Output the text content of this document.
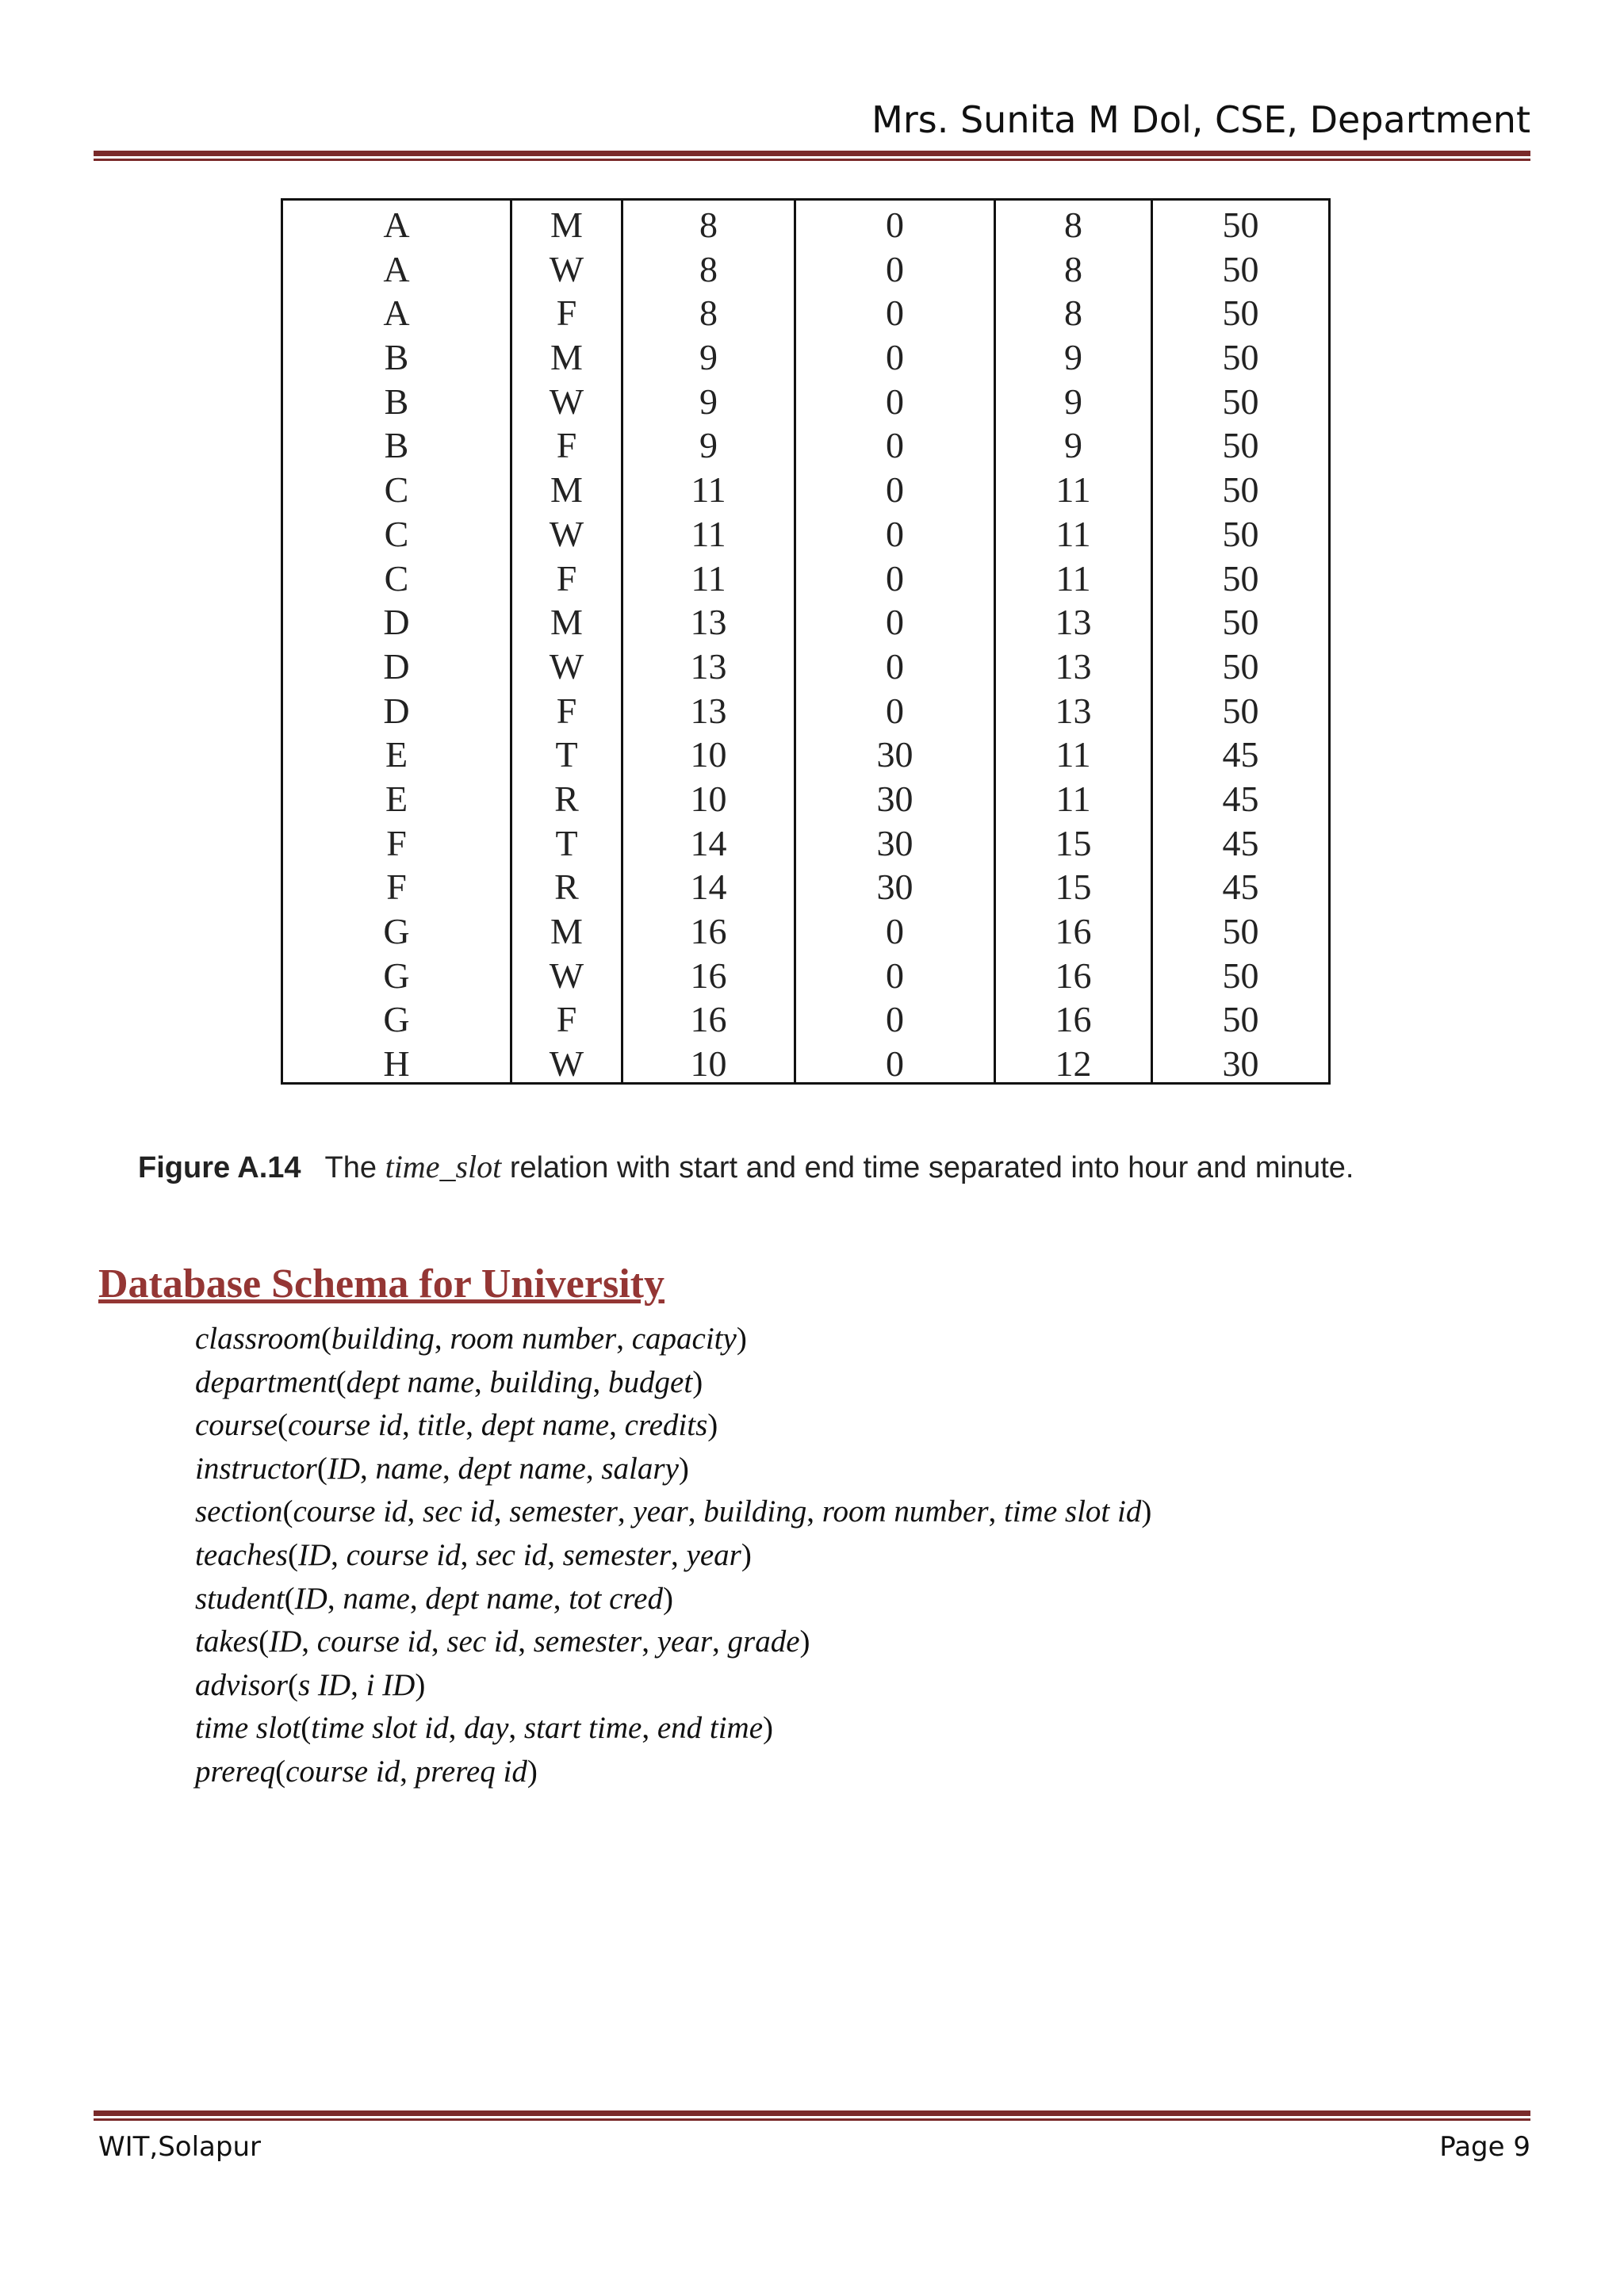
Mrs. Sunita M Dol, CSE, Department
A
A
A
B
B
B
C
C
C
D
D
D
E
E
F
F
G
G
G
H
M
W
F
M
W
F
M
W
F
M
W
F
T
R
T
R
M
W
F
W
8
8
8
9
9
9
11
11
11
13
13
13
10
10
14
14
16
16
16
10
0
0
0
0
0
0
0
0
0
0
0
0
30
30
30
30
0
0
0
0
8
8
8
9
9
9
11
11
11
13
13
13
11
11
15
15
16
16
16
12
50
50
50
50
50
50
50
50
50
50
50
50
45
45
45
45
50
50
50
30
Figure A.14 The time_slot relation with start and end time separated into hour and minute.
Database Schema for University
classroom(building, room number, capacity)
department(dept name, building, budget)
course(course id, title, dept name, credits)
instructor(ID, name, dept name, salary)
section(course id, sec id, semester, year, building, room number, time slot id)
teaches(ID, course id, sec id, semester, year)
student(ID, name, dept name, tot cred)
takes(ID, course id, sec id, semester, year, grade)
advisor(s ID, i ID)
time slot(time slot id, day, start time, end time)
prereq(course id, prereq id)
WIT,Solapur	Page 9
